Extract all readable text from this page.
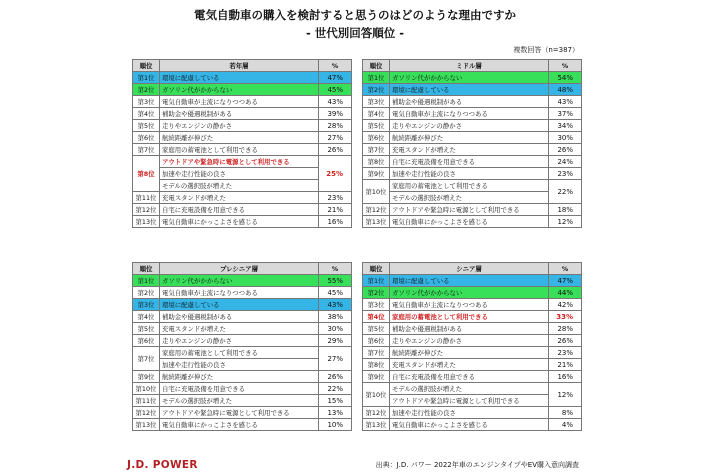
電気自動車の購入を検討すると思うのはどのような理由ですか
- 世代別回答順位 -
複数回答（n=387）
順位	若年層	%
第1位	環境に配慮している	47%
第2位	ガソリン代がかからない	45%
第3位	電気自動車が主流になりつつある	43%
第4位	補助金や優遇税制がある	39%
第5位	走りやエンジンの静かさ	28%
第6位	航続距離が伸びた	27%
第7位	家庭用の蓄電池として利用できる	26%
第8位	アウトドアや緊急時に電源として利用できる	25%
	加速や走行性能の良さ	
	モデルの選択肢が増えた	
第11位	充電スタンドが増えた	23%
第12位	自宅に充電設備を用意できる	21%
第13位	電気自動車にかっこよさを感じる	16%
順位	ミドル層	%
第1位	ガソリン代がかからない	54%
第2位	環境に配慮している	48%
第3位	補助金や優遇税制がある	43%
第4位	電気自動車が主流になりつつある	37%
第5位	走りやエンジンの静かさ	34%
第6位	航続距離が伸びた	30%
第7位	充電スタンドが増えた	26%
第8位	自宅に充電設備を用意できる	24%
第9位	加速や走行性能の良さ	23%
第10位	家庭用の蓄電池として利用できる	22%
	モデルの選択肢が増えた	
第12位	アウトドアや緊急時に電源として利用できる	18%
第13位	電気自動車にかっこよさを感じる	12%
順位	プレシニア層	%
第1位	ガソリン代がかからない	55%
第2位	電気自動車が主流になりつつある	45%
第3位	環境に配慮している	43%
第4位	補助金や優遇税制がある	38%
第5位	充電スタンドが増えた	30%
第6位	走りやエンジンの静かさ	29%
第7位	家庭用の蓄電池として利用できる	27%
	加速や走行性能の良さ	
第9位	航続距離が伸びた	26%
第10位	自宅に充電設備を用意できる	22%
第11位	モデルの選択肢が増えた	15%
第12位	アウトドアや緊急時に電源として利用できる	13%
第13位	電気自動車にかっこよさを感じる	10%
順位	シニア層	%
第1位	環境に配慮している	47%
第2位	ガソリン代がかからない	44%
第3位	電気自動車が主流になりつつある	42%
第4位	家庭用の蓄電池として利用できる	33%
第5位	補助金や優遇税制がある	28%
第6位	走りやエンジンの静かさ	26%
第7位	航続距離が伸びた	23%
第8位	充電スタンドが増えた	21%
第9位	自宅に充電設備を用意できる	16%
第10位	モデルの選択肢が増えた	12%
	アウトドアや緊急時に電源として利用できる	
第12位	加速や走行性能の良さ	8%
第13位	電気自動車にかっこよさを感じる	4%
J.D. POWER	出典：J.D. パワー 2022年車のエンジンタイプやEV購入意向調査
